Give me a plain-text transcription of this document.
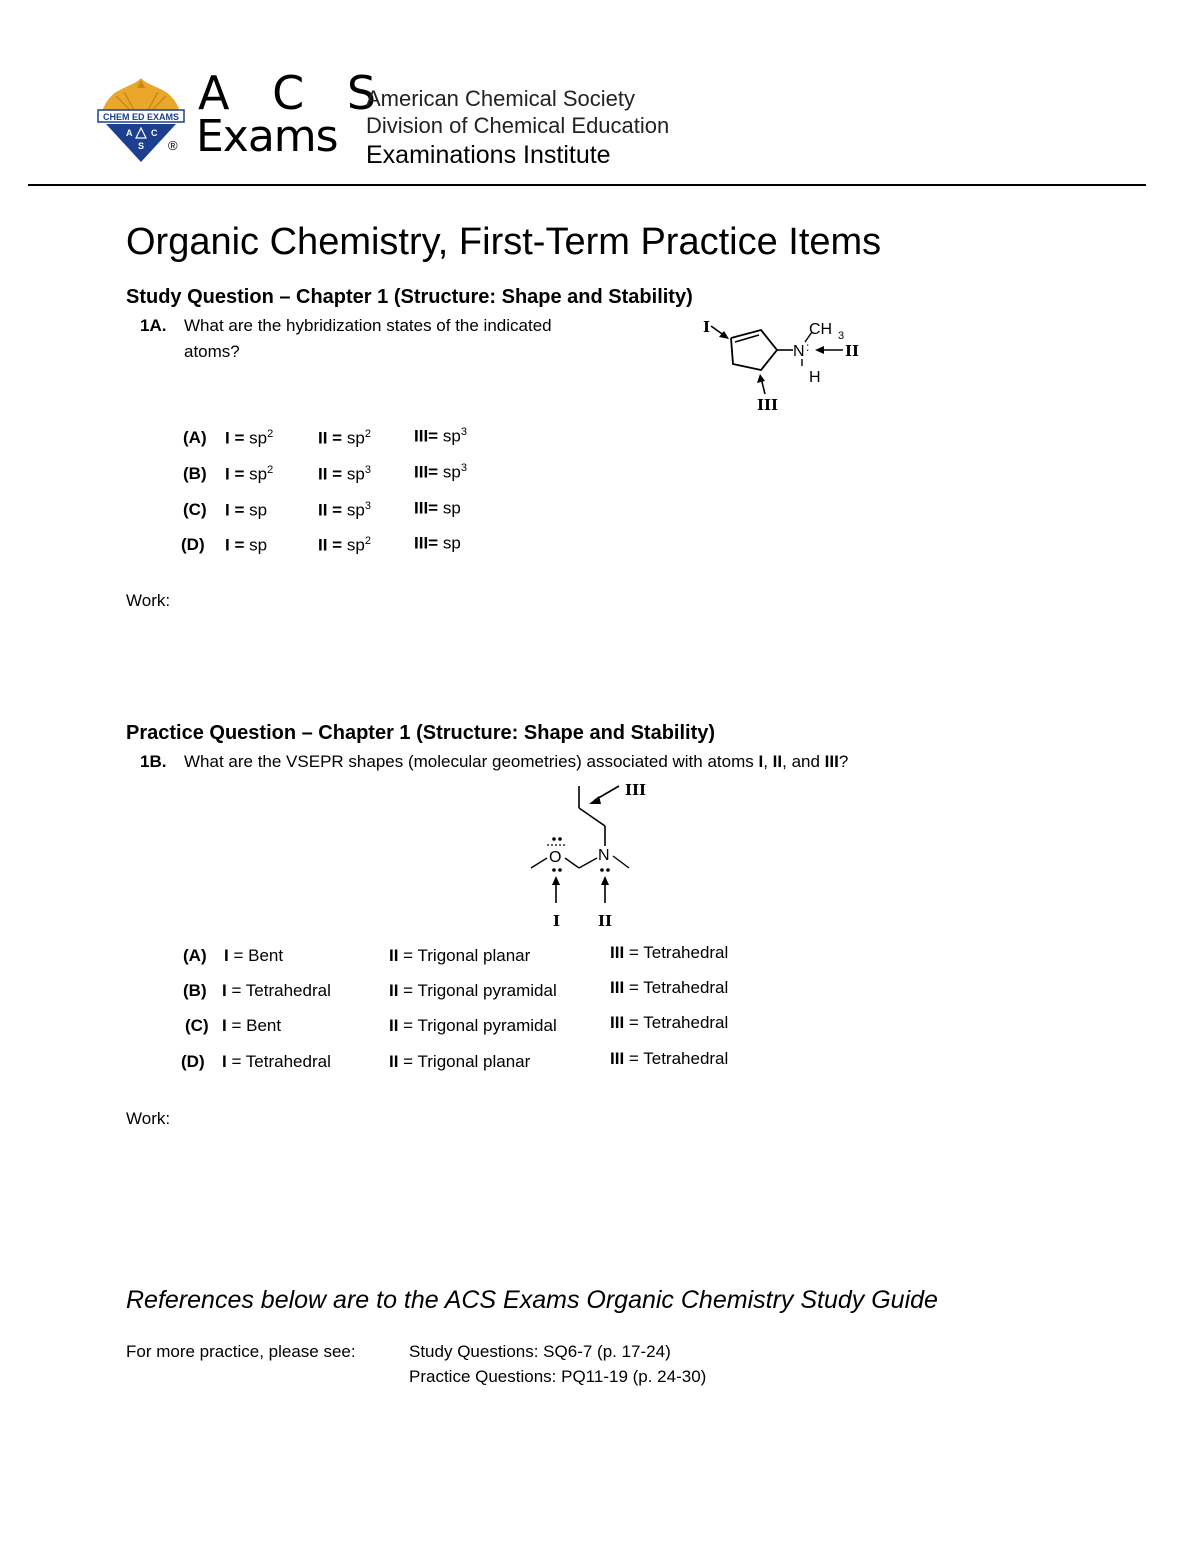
CHEM ED EXAMS
A C
S ®
A C S
Exams
American Chemical Society
Division of Chemical Education
Examinations Institute
Organic Chemistry, First-Term Practice Items
Study Question – Chapter 1 (Structure: Shape and Stability)
1A. What are the hybridization states of the indicated
atoms?	N :
CH 3
H
II
I
III
(A) $I = sp^2$	II = $sp^2$	$III= sp^3$
(B) $I = sp^2$	II = $sp^3$	$III= sp^3$
(C) I = sp	II = $sp^3$	III= sp
(D) I = sp	II = $sp^2$	III= sp
Work:
Practice Question – Chapter 1 (Structure: Shape and Stability)
1B. What are the VSEPR shapes (molecular geometries) associated with atoms I, II, and III?
III
O N
I	II
(A) I = Bent	II = Trigonal planar	III = Tetrahedral
(B) I = Tetrahedral	II = Trigonal pyramidal	III = Tetrahedral
(C) I = Bent	II = Trigonal pyramidal	III = Tetrahedral
(D) I = Tetrahedral	II = Trigonal planar	III = Tetrahedral
Work:
References below are to the ACS Exams Organic Chemistry Study Guide
For more practice, please see:	Study Questions: SQ6-7 (p. 17-24)
Practice Questions: PQ11-19 (p. 24-30)
